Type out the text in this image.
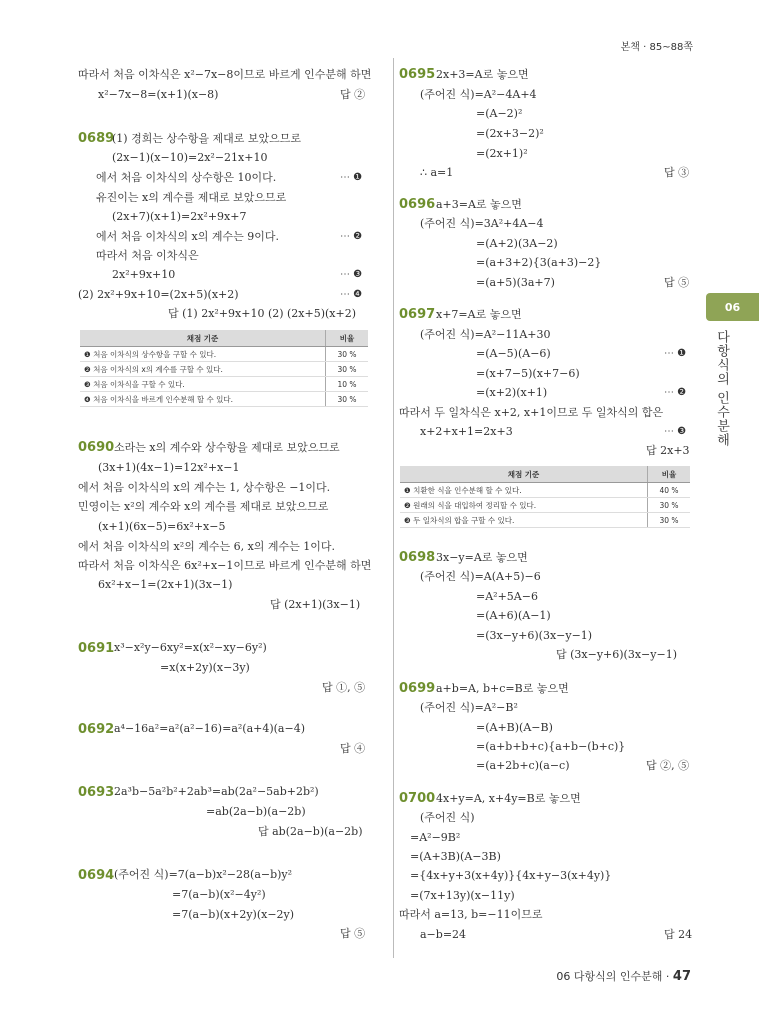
본책 · 85~88쪽
따라서 처음 이차식은 x²−7x−8이므로 바르게 인수분해 하면
x²−7x−8=(x+1)(x−8)	답 ②
0689
(1) 경희는 상수항을 제대로 보았으므로
(2x−1)(x−10)=2x²−21x+10
에서 처음 이차식의 상수항은 10이다.	⋯ ❶
유진이는 x의 계수를 제대로 보았으므로
(2x+7)(x+1)=2x²+9x+7
에서 처음 이차식의 x의 계수는 9이다.	⋯ ❷
따라서 처음 이차식은
2x²+9x+10	⋯ ❸
(2) 2x²+9x+10=(2x+5)(x+2)	⋯ ❹
답 (1) 2x²+9x+10 (2) (2x+5)(x+2)
채점 기준	비율
❶ 처음 이차식의 상수항을 구할 수 있다.	30 %
❷ 처음 이차식의 x의 계수를 구할 수 있다.	30 %
❸ 처음 이차식을 구할 수 있다.	10 %
❹ 처음 이차식을 바르게 인수분해 할 수 있다.	30 %
0690 소라는 x의 계수와 상수항을 제대로 보았으므로
(3x+1)(4x−1)=12x²+x−1
에서 처음 이차식의 x의 계수는 1, 상수항은 −1이다.
민영이는 x²의 계수와 x의 계수를 제대로 보았으므로
(x+1)(6x−5)=6x²+x−5
에서 처음 이차식의 x²의 계수는 6, x의 계수는 1이다.
따라서 처음 이차식은 6x²+x−1이므로 바르게 인수분해 하면
6x²+x−1=(2x+1)(3x−1)
답 (2x+1)(3x−1)
0691 x³−x²y−6xy²=x(x²−xy−6y²)
=x(x+2y)(x−3y)
답 ①, ⑤
0692 a⁴−16a²=a²(a²−16)=a²(a+4)(a−4)
답 ④
0693 2a³b−5a²b²+2ab³=ab(2a²−5ab+2b²)
=ab(2a−b)(a−2b)
답 ab(2a−b)(a−2b)
0694 (주어진 식)=7(a−b)x²−28(a−b)y²
=7(a−b)(x²−4y²)
=7(a−b)(x+2y)(x−2y)
답 ⑤
0695 2x+3=A로 놓으면
(주어진 식)=A²−4A+4
=(A−2)²
=(2x+3−2)²
=(2x+1)²
∴ a=1	답 ③
0696 a+3=A로 놓으면
(주어진 식)=3A²+4A−4
=(A+2)(3A−2)
=(a+3+2){3(a+3)−2}
=(a+5)(3a+7)	답 ⑤
0697 x+7=A로 놓으면
(주어진 식)=A²−11A+30
=(A−5)(A−6)	⋯ ❶
=(x+7−5)(x+7−6)
=(x+2)(x+1)	⋯ ❷
따라서 두 일차식은 x+2, x+1이므로 두 일차식의 합은
x+2+x+1=2x+3	⋯ ❸
답 2x+3
채점 기준	비율
❶ 치환한 식을 인수분해 할 수 있다.	40 %
❷ 원래의 식을 대입하여 정리할 수 있다.	30 %
❸ 두 일차식의 합을 구할 수 있다.	30 %
0698 3x−y=A로 놓으면
(주어진 식)=A(A+5)−6
=A²+5A−6
=(A+6)(A−1)
=(3x−y+6)(3x−y−1)
답 (3x−y+6)(3x−y−1)
0699 a+b=A, b+c=B로 놓으면
(주어진 식)=A²−B²
=(A+B)(A−B)
=(a+b+b+c){a+b−(b+c)}
=(a+2b+c)(a−c)	답 ②, ⑤
0700 4x+y=A, x+4y=B로 놓으면
(주어진 식)
=A²−9B²
=(A+3B)(A−3B)
={4x+y+3(x+4y)}{4x+y−3(x+4y)}
=(7x+13y)(x−11y)
따라서 a=13, b=−11이므로
a−b=24	답 24
06
다항식의 인수분해
06 다항식의 인수분해 · 47
